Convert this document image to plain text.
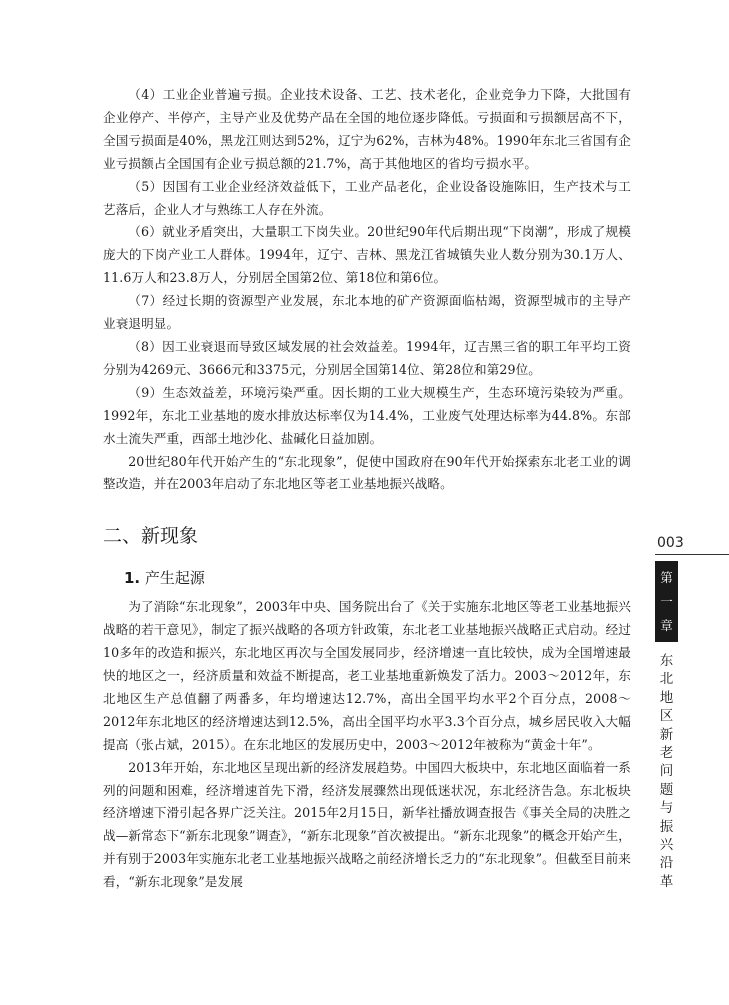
（4）工业企业普遍亏损。企业技术设备、工艺、技术老化，企业竞争力下降，大批国有企业停产、半停产，主导产业及优势产品在全国的地位逐步降低。亏损面和亏损额居高不下，全国亏损面是40%，黑龙江则达到52%，辽宁为62%，吉林为48%。1990年东北三省国有企业亏损额占全国国有企业亏损总额的21.7%，高于其他地区的省均亏损水平。

（5）因国有工业企业经济效益低下，工业产品老化，企业设备设施陈旧，生产技术与工艺落后，企业人才与熟练工人存在外流。

（6）就业矛盾突出，大量职工下岗失业。20世纪90年代后期出现“下岗潮”，形成了规模庞大的下岗产业工人群体。1994年，辽宁、吉林、黑龙江省城镇失业人数分别为30.1万人、11.6万人和23.8万人，分别居全国第2位、第18位和第6位。

（7）经过长期的资源型产业发展，东北本地的矿产资源面临枯竭，资源型城市的主导产业衰退明显。

（8）因工业衰退而导致区域发展的社会效益差。1994年，辽吉黑三省的职工年平均工资分别为4269元、3666元和3375元，分别居全国第14位、第28位和第29位。

（9）生态效益差，环境污染严重。因长期的工业大规模生产，生态环境污染较为严重。1992年，东北工业基地的废水排放达标率仅为14.4%，工业废气处理达标率为44.8%。东部水土流失严重，西部土地沙化、盐碱化日益加剧。

20世纪80年代开始产生的“东北现象”，促使中国政府在90年代开始探索东北老工业的调整改造，并在2003年启动了东北地区等老工业基地振兴战略。

二、新现象
1. 产生起源

为了消除“东北现象”，2003年中央、国务院出台了《关于实施东北地区等老工业基地振兴战略的若干意见》，制定了振兴战略的各项方针政策，东北老工业基地振兴战略正式启动。经过10多年的改造和振兴，东北地区再次与全国发展同步，经济增速一直比较快，成为全国增速最快的地区之一，经济质量和效益不断提高，老工业基地重新焕发了活力。2003～2012年，东北地区生产总值翻了两番多，年均增速达12.7%，高出全国平均水平2个百分点，2008～2012年东北地区的经济增速达到12.5%，高出全国平均水平3.3个百分点，城乡居民收入大幅提高（张占斌，2015）。在东北地区的发展历史中，2003～2012年被称为“黄金十年”。

2013年开始，东北地区呈现出新的经济发展趋势。中国四大板块中，东北地区面临着一系列的问题和困难，经济增速首先下滑，经济发展骤然出现低迷状况，东北经济告急。东北板块经济增速下滑引起各界广泛关注。2015年2月15日，新华社播放调查报告《事关全局的决胜之战—新常态下“新东北现象”调查》，“新东北现象”首次被提出。“新东北现象”的概念开始产生，并有别于2003年实施东北老工业基地振兴战略之前经济增长乏力的“东北现象”。但截至目前来看，“新东北现象”是发展

003
第
一
章
东
北
地
区
新
老
问
题
与
振
兴
沿
革
